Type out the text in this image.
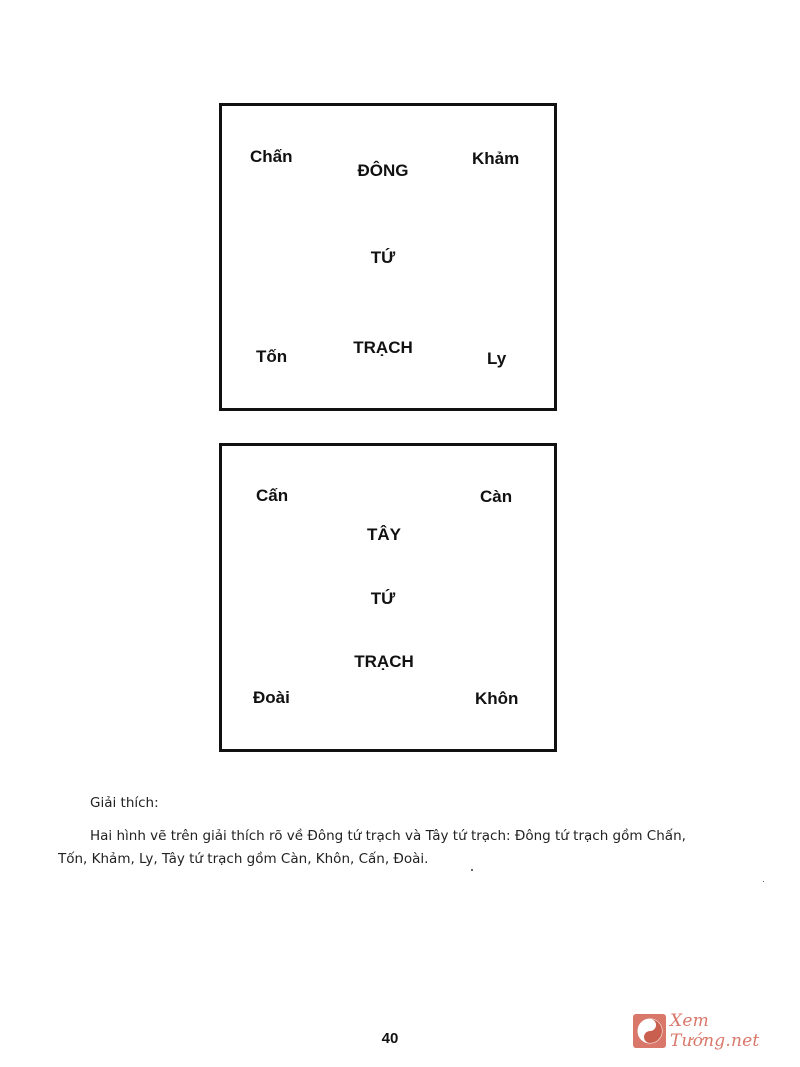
Chấn	Khảm
ĐÔNG
TỨ
TRẠCH
Tốn	Ly
Cấn	Càn
TÂY
TỨ
TRẠCH
Đoài	Khôn
Giải thích:
Hai hình vẽ trên giải thích rõ về Đông tứ trạch và Tây tứ trạch: Đông tứ trạch gồm Chấn,
Tốn, Khảm, Ly, Tây tứ trạch gồm Càn, Khôn, Cấn, Đoài.
40
Xem Tướng.net
